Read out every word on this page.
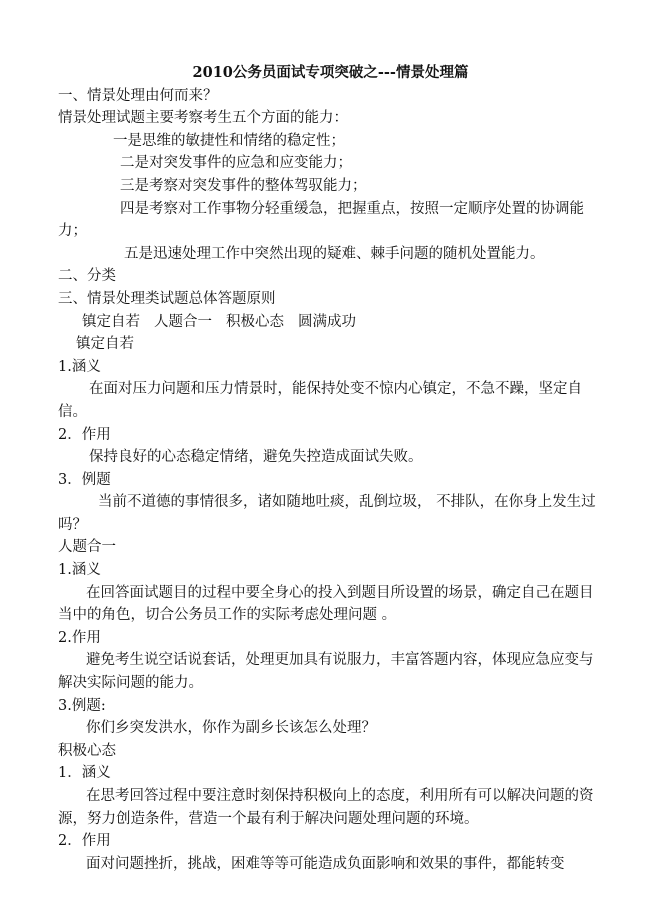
2010公务员面试专项突破之---情景处理篇

一、情景处理由何而来？

情景处理试题主要考察考生五个方面的能力：

一是思维的敏捷性和情绪的稳定性；

二是对突发事件的应急和应变能力；

三是考察对突发事件的整体驾驭能力；

四是考察对工作事物分轻重缓急，把握重点，按照一定顺序处置的协调能力；

五是迅速处理工作中突然出现的疑难、棘手问题的随机处置能力。

二、分类

三、情景处理类试题总体答题原则

镇定自若 人题合一 积极心态 圆满成功

镇定自若

1.涵义

在面对压力问题和压力情景时，能保持处变不惊内心镇定，不急不躁，坚定自信。

2．作用

保持良好的心态稳定情绪，避免失控造成面试失败。

3．例题

当前不道德的事情很多，诸如随地吐痰，乱倒垃圾， 不排队，在你身上发生过吗？

人题合一

1.涵义

在回答面试题目的过程中要全身心的投入到题目所设置的场景，确定自己在题目当中的角色，切合公务员工作的实际考虑处理问题 。

2.作用

避免考生说空话说套话，处理更加具有说服力，丰富答题内容，体现应急应变与解决实际问题的能力。

3.例题:

你们乡突发洪水，你作为副乡长该怎么处理？

积极心态

1．涵义

在思考回答过程中要注意时刻保持积极向上的态度，利用所有可以解决问题的资源，努力创造条件，营造一个最有利于解决问题处理问题的环境。

2．作用

面对问题挫折，挑战，困难等等可能造成负面影响和效果的事件，都能转变
